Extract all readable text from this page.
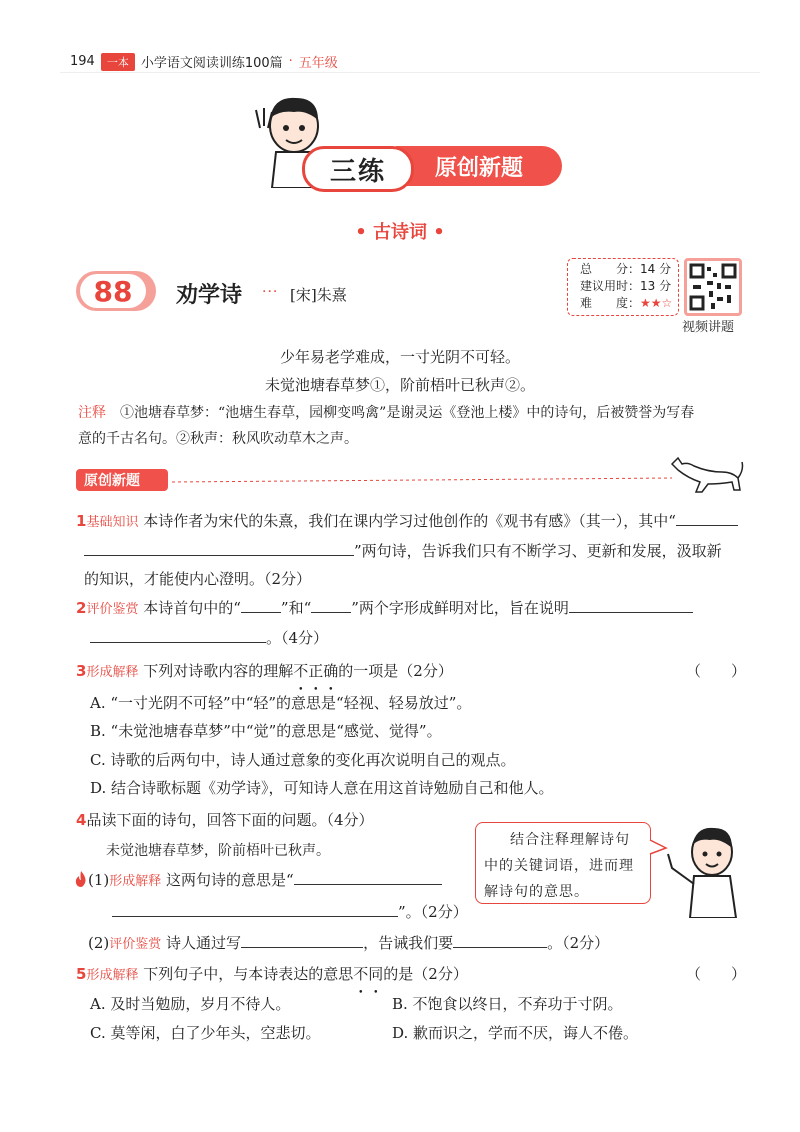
194	一本 小学语文阅读训练100篇 · 五年级
原创新题
三练
• 古诗词 •
88	劝学诗 ··· [宋]朱熹
总　　分：14 分
建议用时：13 分
难　　度：★★☆
视频讲题
少年易老学难成，一寸光阴不可轻。
未觉池塘春草梦①，阶前梧叶已秋声②。
注释　 ①池塘春草梦：“池塘生春草，园柳变鸣禽”是谢灵运《登池上楼》中的诗句，后被赞誉为写春
意的千古名句。②秋声：秋风吹动草木之声。
原创新题
1基础知识 本诗作者为宋代的朱熹，我们在课内学习过他创作的《观书有感》（其一），其中“
”两句诗，告诉我们只有不断学习、更新和发展，汲取新
的知识，才能使内心澄明。（2分）
2评价鉴赏 本诗首句中的“	”和“	”两个字形成鲜明对比，旨在说明
。（4分）
3形成解释 下列对诗歌内容的理解不正确的一项是（2分）	（　　）
A. “一寸光阴不可轻”中“轻”的意思是“轻视、轻易放过”。
B. “未觉池塘春草梦”中“觉”的意思是“感觉、觉得”。
C. 诗歌的后两句中，诗人通过意象的变化再次说明自己的观点。
D. 结合诗歌标题《劝学诗》，可知诗人意在用这首诗勉励自己和他人。
4品读下面的诗句，回答下面的问题。（4分）
未觉池塘春草梦，阶前梧叶已秋声。
(1)形成解释 这两句诗的意思是“
”。（2分）
(2)评价鉴赏 诗人通过写	，告诫我们要	。（2分）
结合注释理解诗句
中的关键词语，进而理
解诗句的意思。
5形成解释 下列句子中，与本诗表达的意思不同的是（2分）	（　　）
A. 及时当勉励，岁月不待人。	B. 不饱食以终日，不弃功于寸阴。
C. 莫等闲，白了少年头，空悲切。	D. 歉而识之，学而不厌，诲人不倦。
